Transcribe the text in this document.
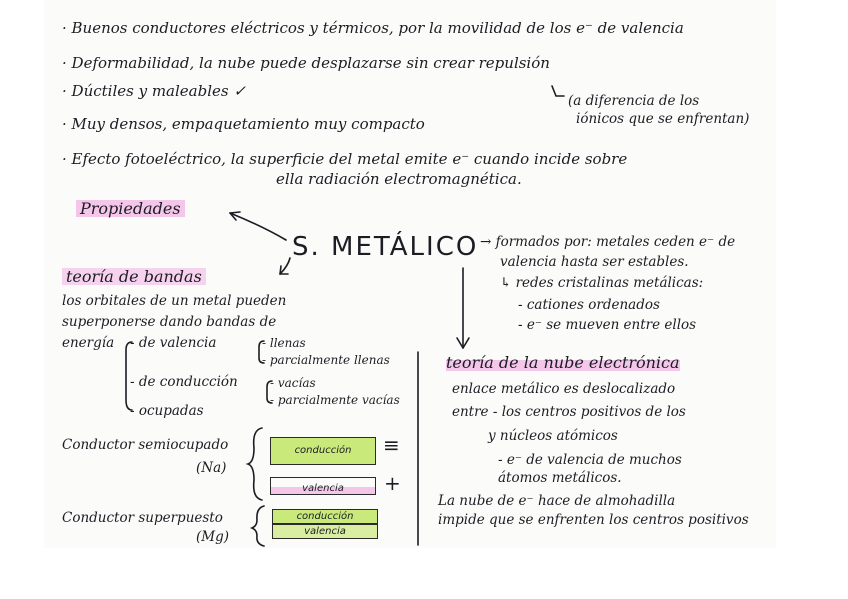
· Buenos conductores eléctricos y térmicos, por la movilidad de los e⁻ de valencia
· Deformabilidad, la nube puede desplazarse sin crear repulsión
· Dúctiles y maleables ✓
(a diferencia de los
iónicos que se enfrentan)
· Muy densos, empaquetamiento muy compacto
· Efecto fotoeléctrico, la superficie del metal emite e⁻ cuando incide sobre
ella radiación electromagnética.
Propiedades
S. METÁLICO → formados por: metales ceden e⁻ de
valencia hasta ser estables.
↳ redes cristalinas metálicas:
- cationes ordenados
- e⁻ se mueven entre ellos
teoría de bandas
los orbitales de un metal pueden
superponerse dando bandas de
energía - de valencia	- llenas
- parcialmente llenas
- de conducción	- vacías
- parcialmente vacías
- ocupadas
Conductor semiocupado
(Na)
conducción
valencia
≡
+
Conductor superpuesto
(Mg)
conducción
valencia
teoría de la nube electrónica
enlace metálico es deslocalizado
entre - los centros positivos de los
y núcleos atómicos
- e⁻ de valencia de muchos
átomos metálicos.
La nube de e⁻ hace de almohadilla
impide que se enfrenten los centros positivos
